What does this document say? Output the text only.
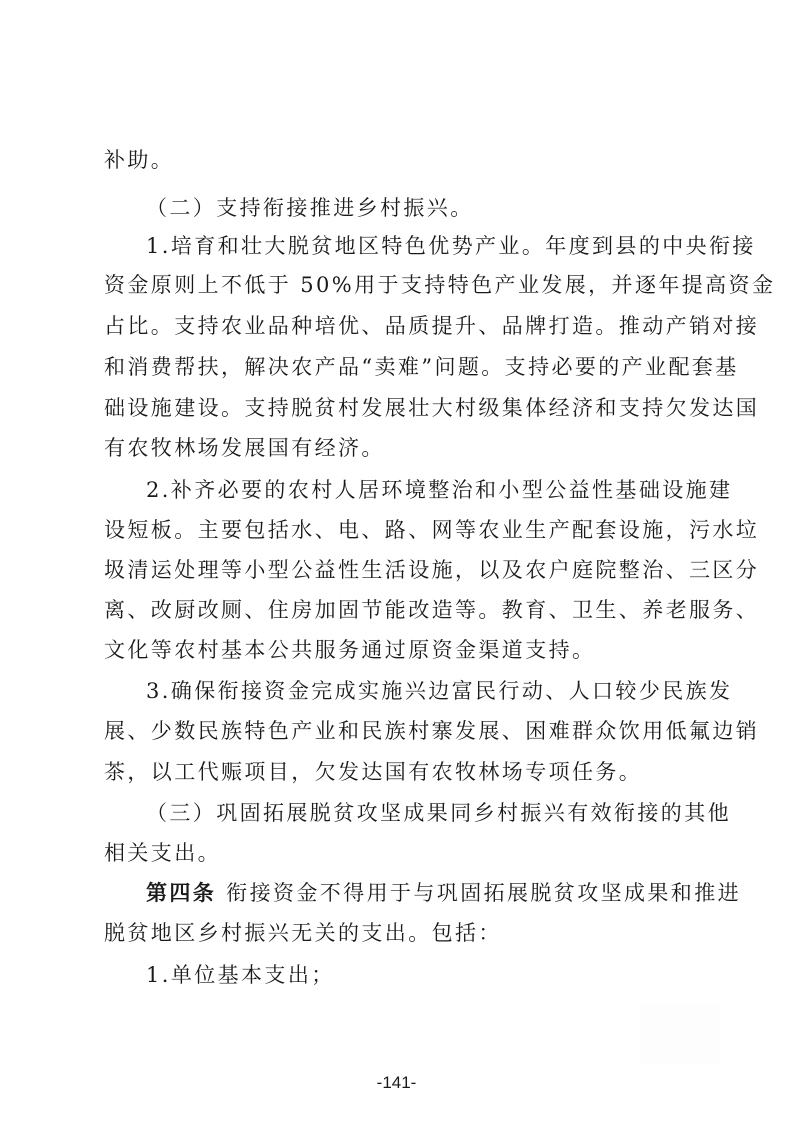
补助。
（二）支持衔接推进乡村振兴。
1.培育和壮大脱贫地区特色优势产业。年度到县的中央衔接
资金原则上不低于 50%用于支持特色产业发展，并逐年提高资金
占比。支持农业品种培优、品质提升、品牌打造。推动产销对接
和消费帮扶，解决农产品“卖难”问题。支持必要的产业配套基
础设施建设。支持脱贫村发展壮大村级集体经济和支持欠发达国
有农牧林场发展国有经济。
2.补齐必要的农村人居环境整治和小型公益性基础设施建
设短板。主要包括水、电、路、网等农业生产配套设施，污水垃
圾清运处理等小型公益性生活设施，以及农户庭院整治、三区分
离、改厨改厕、住房加固节能改造等。教育、卫生、养老服务、
文化等农村基本公共服务通过原资金渠道支持。
3.确保衔接资金完成实施兴边富民行动、人口较少民族发
展、少数民族特色产业和民族村寨发展、困难群众饮用低氟边销
茶，以工代赈项目，欠发达国有农牧林场专项任务。
（三）巩固拓展脱贫攻坚成果同乡村振兴有效衔接的其他
相关支出。
第四条 衔接资金不得用于与巩固拓展脱贫攻坚成果和推进
脱贫地区乡村振兴无关的支出。包括：
1.单位基本支出；
-141-
